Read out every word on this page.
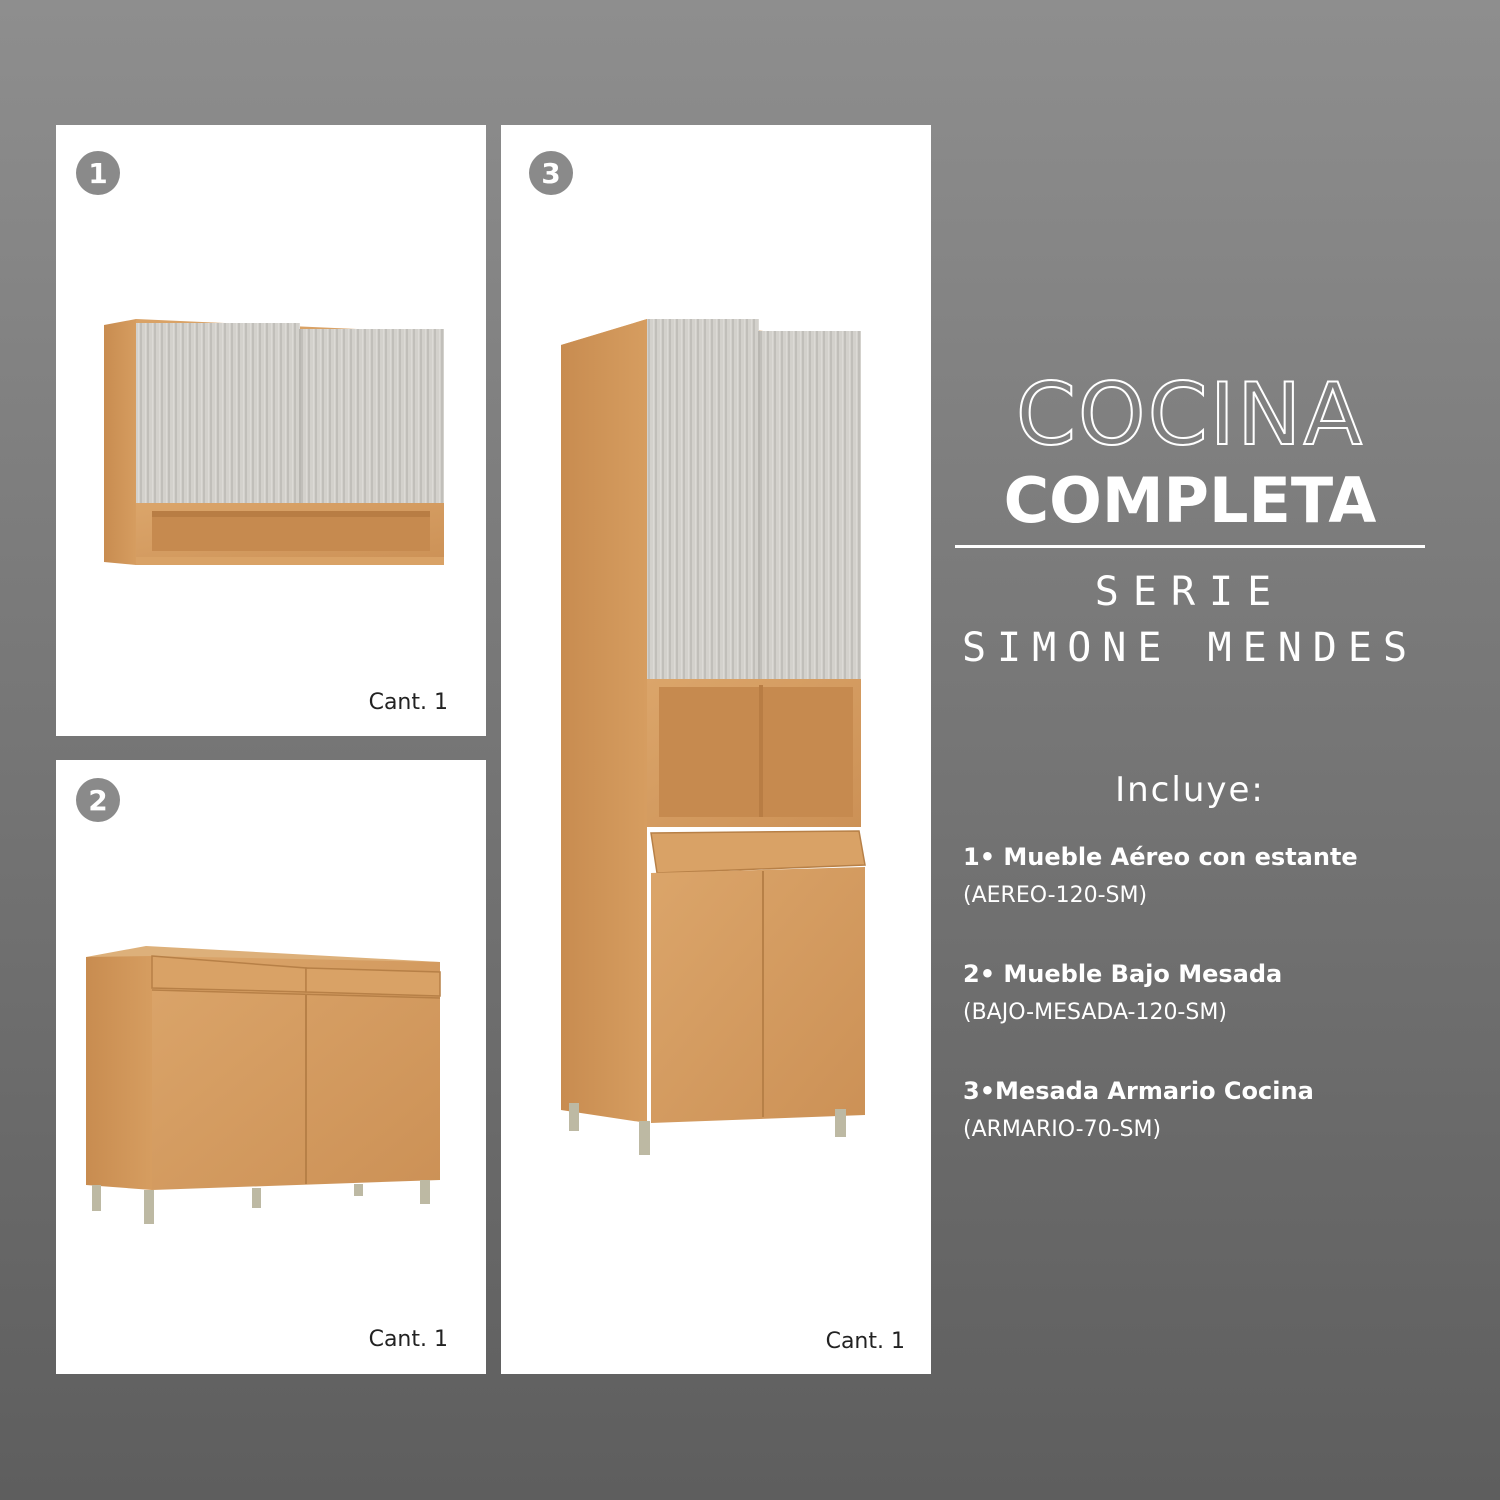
1
Cant. 1
2
Cant. 1
3
Cant. 1
COCINA
COMPLETA
SERIE
SIMONE MENDES
Incluye:
1• Mueble Aéreo con estante
(AEREO-120-SM)
2• Mueble Bajo Mesada
(BAJO-MESADA-120-SM)
3•Mesada Armario Cocina
(ARMARIO-70-SM)
